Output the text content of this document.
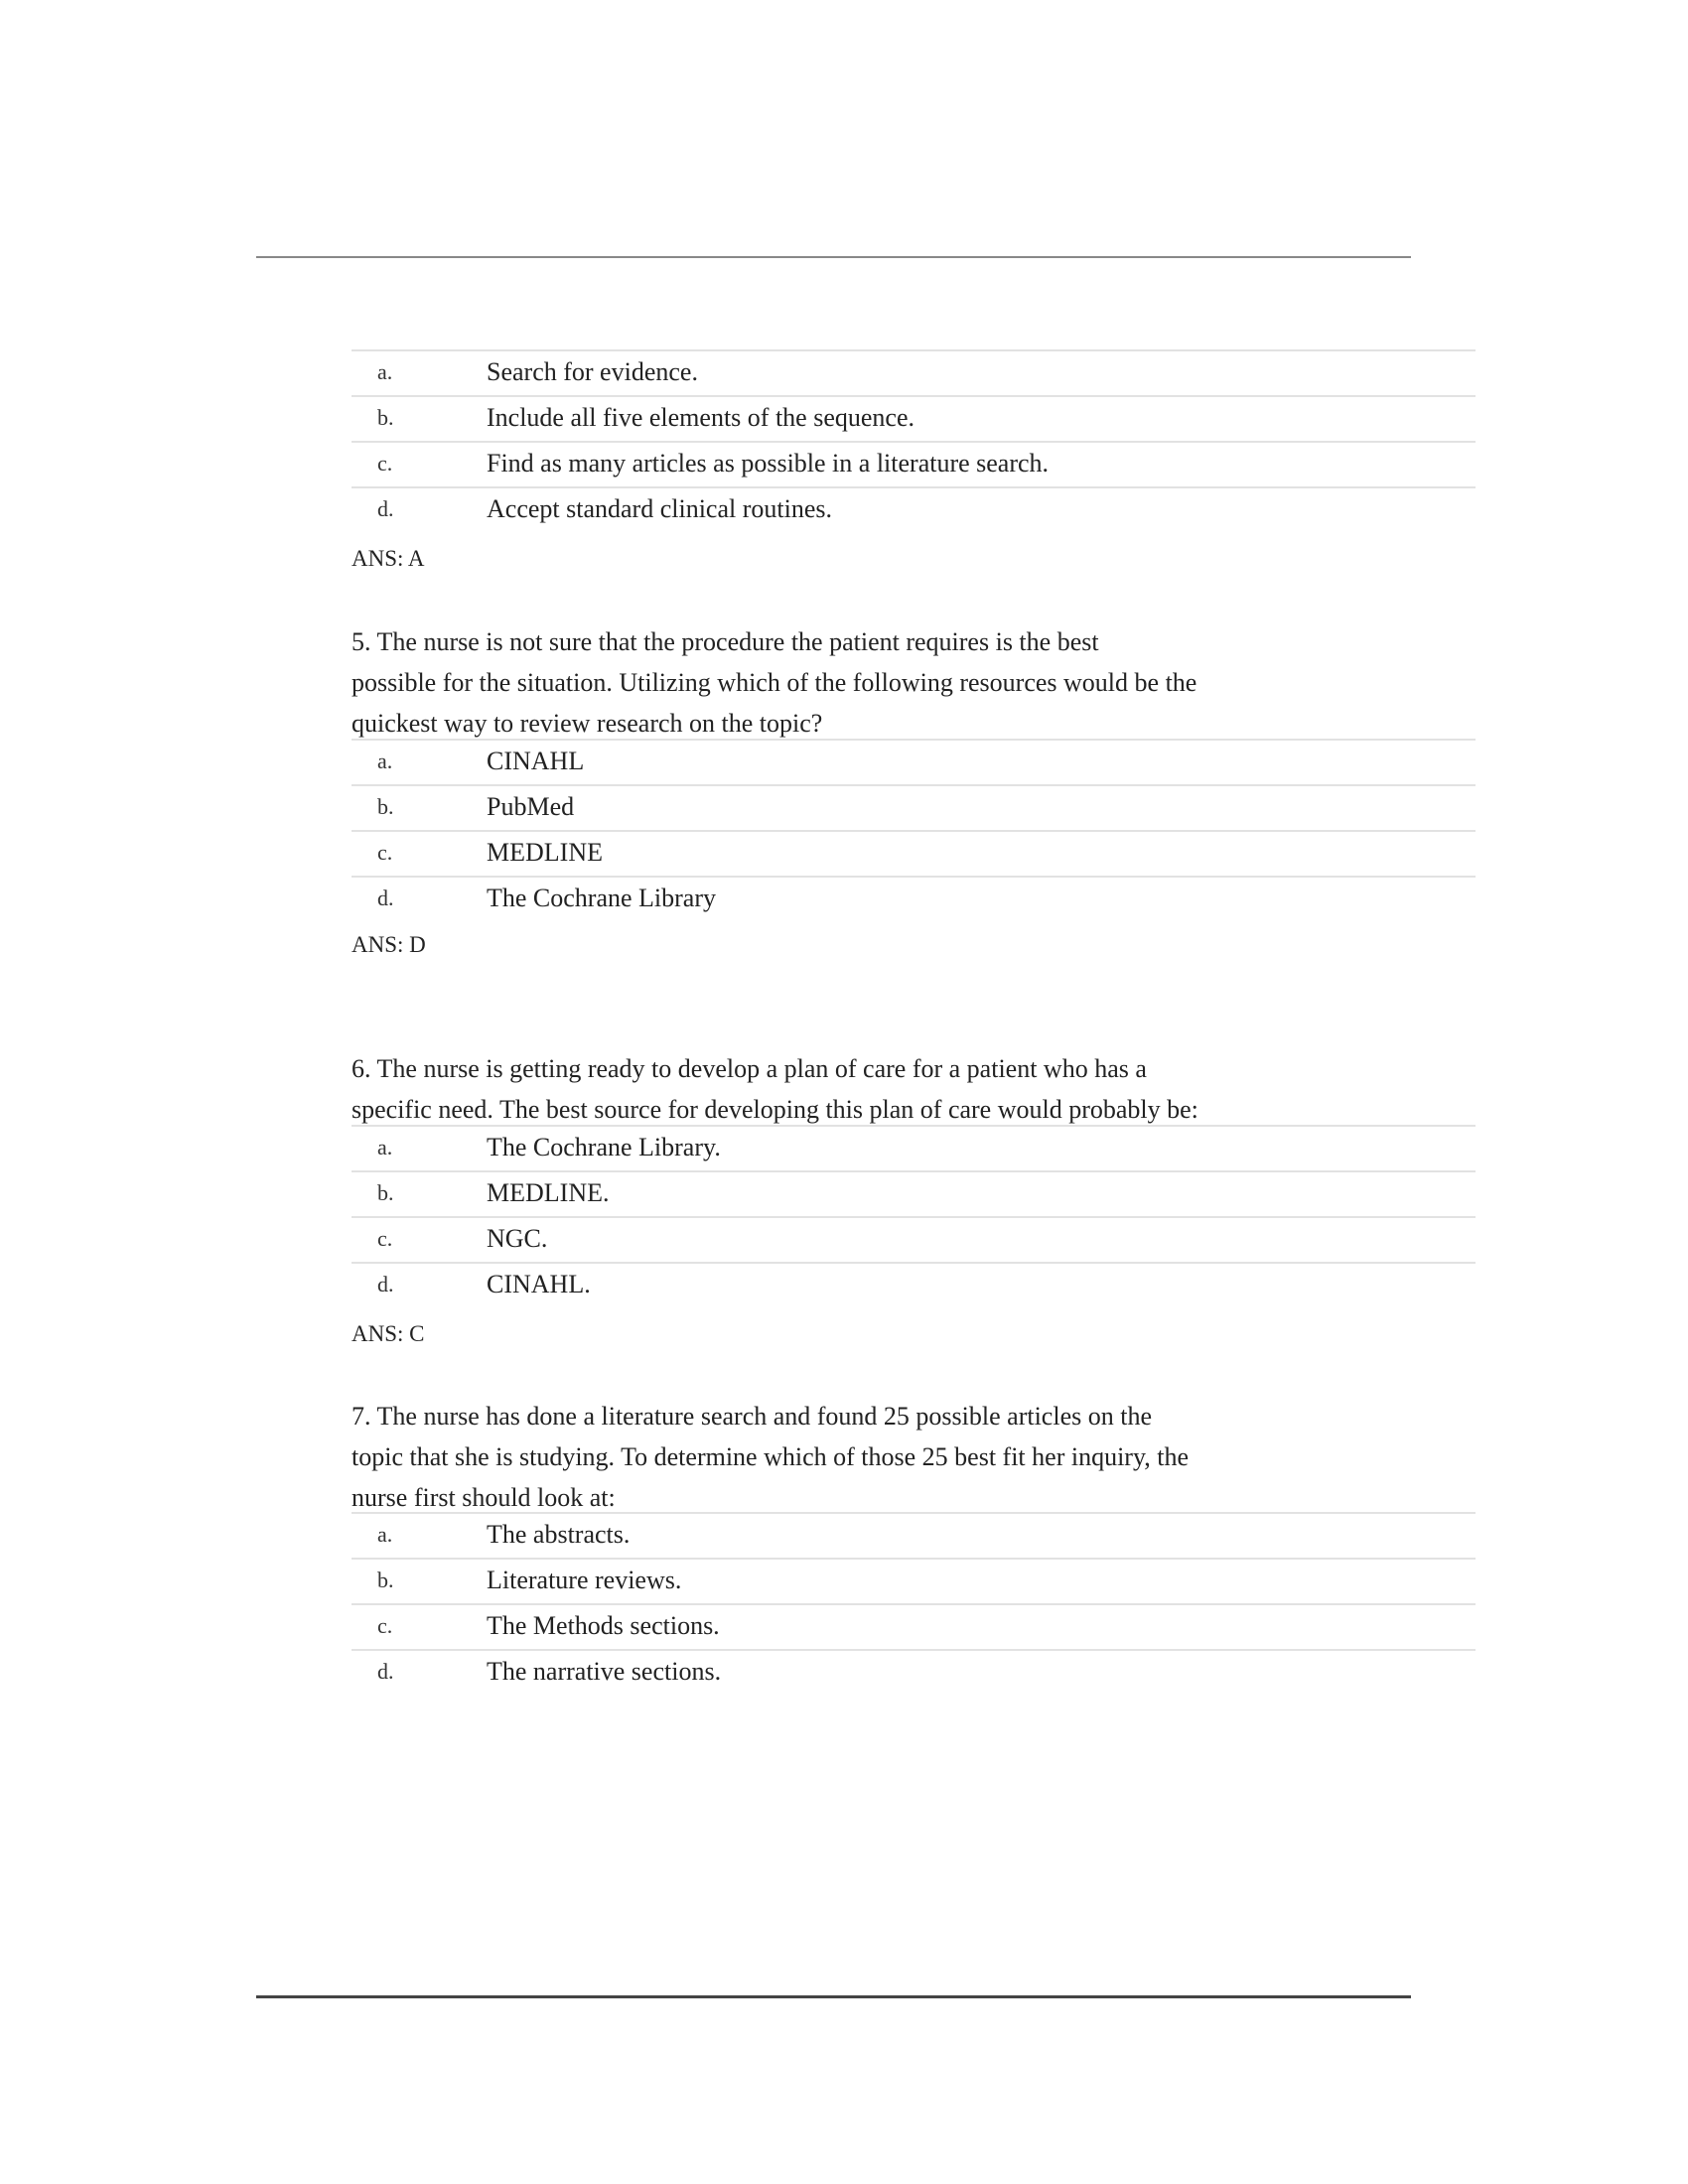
a.	Search for evidence.
b.	Include all five elements of the sequence.
c.	Find as many articles as possible in a literature search.
d.	Accept standard clinical routines.
ANS: A
5. The nurse is not sure that the procedure the patient requires is the best
possible for the situation. Utilizing which of the following resources would be the
quickest way to review research on the topic?
a.	CINAHL
b.	PubMed
c.	MEDLINE
d.	The Cochrane Library
ANS: D
6. The nurse is getting ready to develop a plan of care for a patient who has a
specific need. The best source for developing this plan of care would probably be:
a.	The Cochrane Library.
b.	MEDLINE.
c.	NGC.
d.	CINAHL.
ANS: C
7. The nurse has done a literature search and found 25 possible articles on the
topic that she is studying. To determine which of those 25 best fit her inquiry, the
nurse first should look at:
a.	The abstracts.
b.	Literature reviews.
c.	The Methods sections.
d.	The narrative sections.
